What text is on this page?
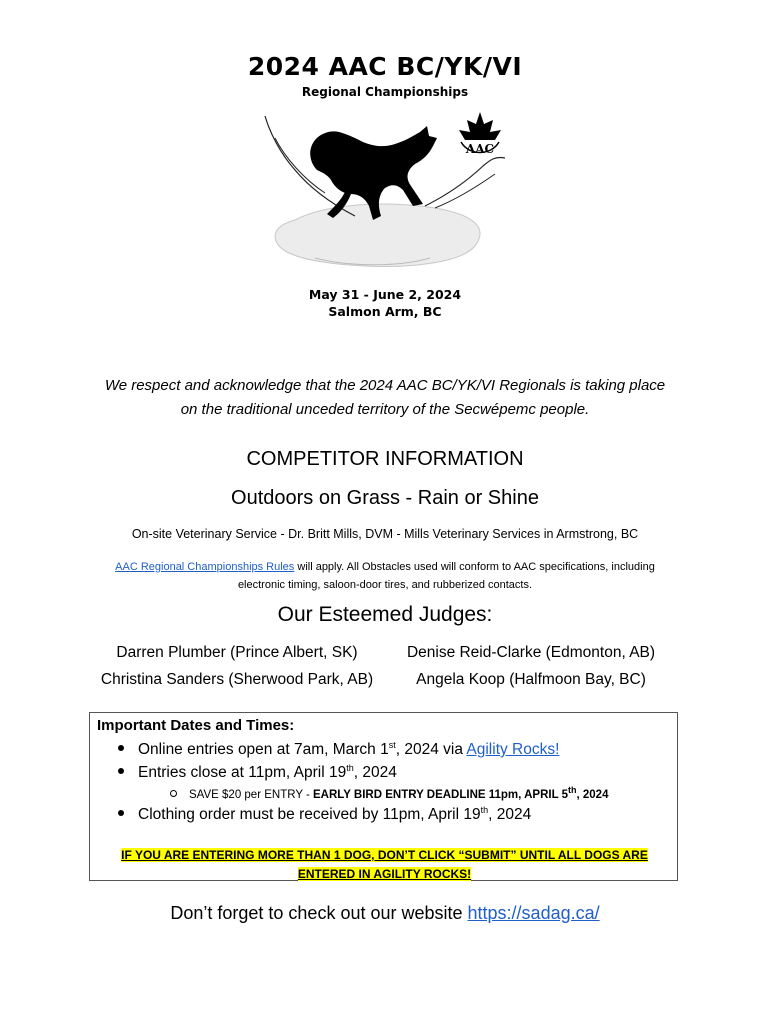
2024 AAC BC/YK/VI
Regional Championships
AAC
May 31 - June 2, 2024
Salmon Arm, BC
We respect and acknowledge that the 2024 AAC BC/YK/VI Regionals is taking place
on the traditional unceded territory of the Secwépemc people.
COMPETITOR INFORMATION
Outdoors on Grass - Rain or Shine
On-site Veterinary Service - Dr. Britt Mills, DVM - Mills Veterinary Services in Armstrong, BC
AAC Regional Championships Rules will apply. All Obstacles used will conform to AAC specifications, including
electronic timing, saloon-door tires, and rubberized contacts.
Our Esteemed Judges:
Darren Plumber (Prince Albert, SK)	Denise Reid-Clarke (Edmonton, AB)
Christina Sanders (Sherwood Park, AB)	Angela Koop (Halfmoon Bay, BC)
Important Dates and Times:
Online entries open at 7am, March 1st, 2024 via Agility Rocks!
Entries close at 11pm, April 19th, 2024
SAVE $20 per ENTRY - EARLY BIRD ENTRY DEADLINE 11pm, APRIL 5th, 2024
Clothing order must be received by 11pm, April 19th, 2024
IF YOU ARE ENTERING MORE THAN 1 DOG, DON’T CLICK “SUBMIT” UNTIL ALL DOGS ARE
ENTERED IN AGILITY ROCKS!
Don’t forget to check out our website https://sadag.ca/
